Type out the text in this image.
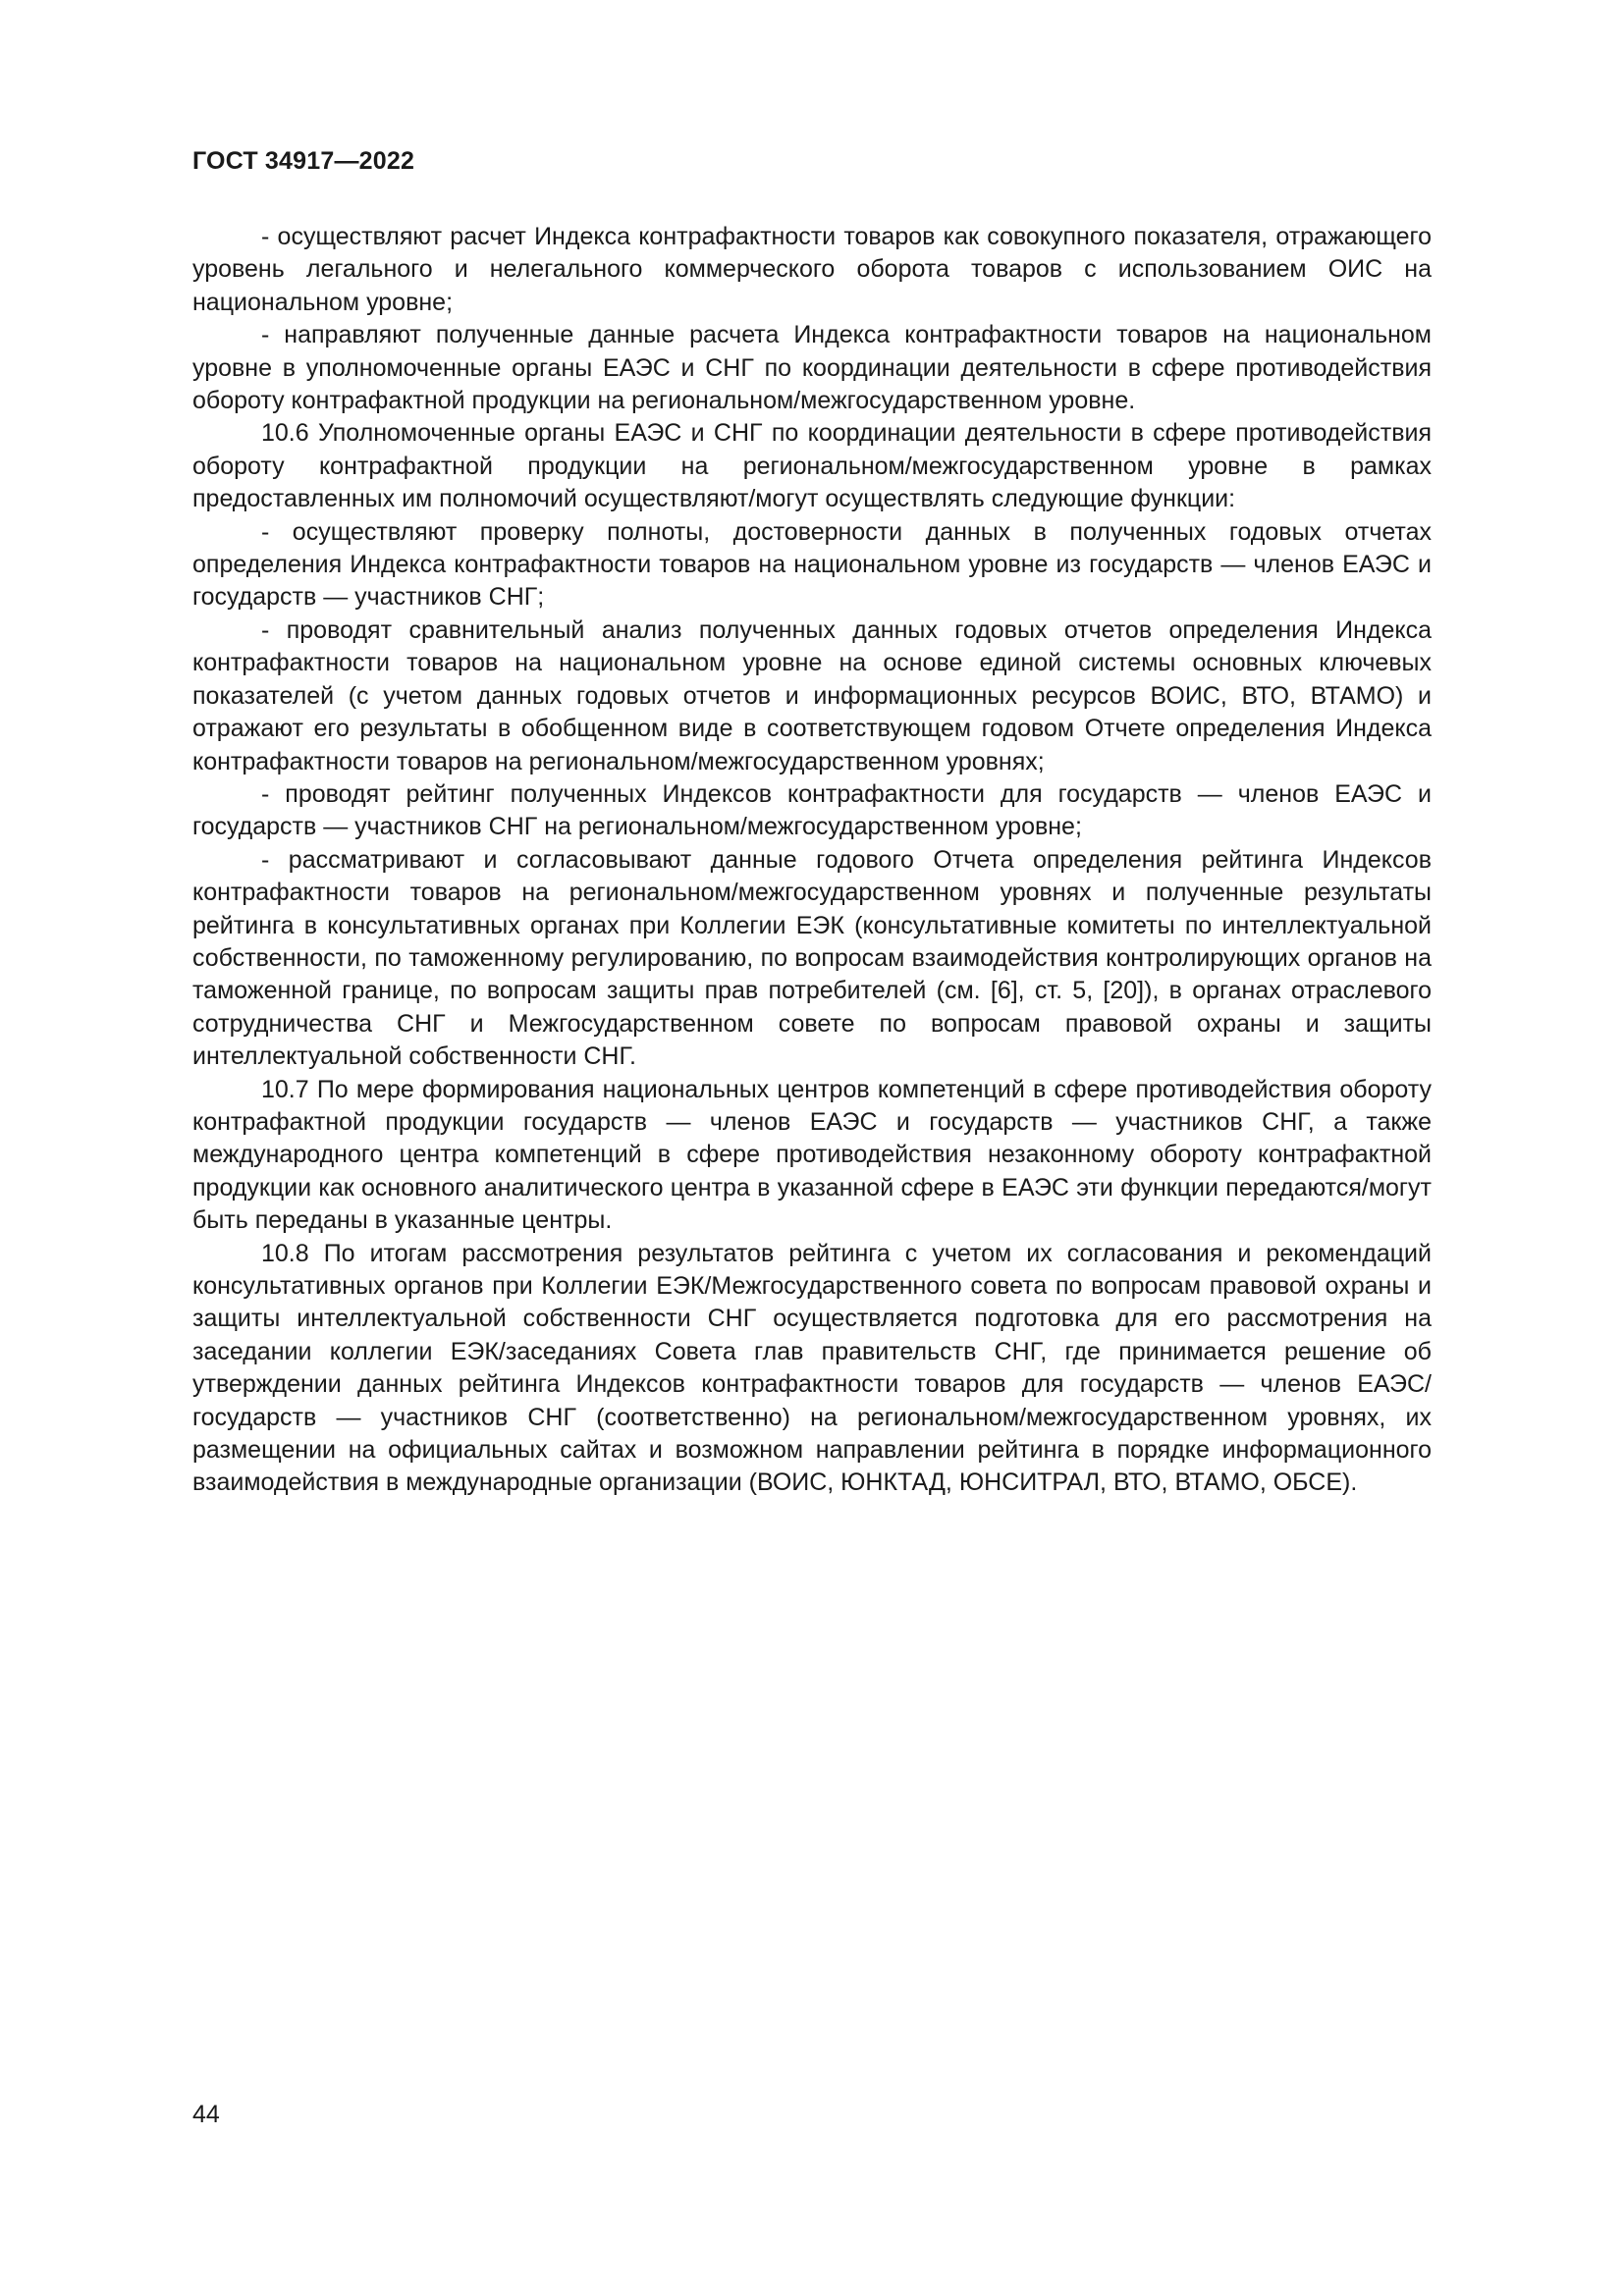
ГОСТ 34917—2022

- осуществляют расчет Индекса контрафактности товаров как совокупного показателя, отражающего уровень легального и нелегального коммерческого оборота товаров с использованием ОИС на национальном уровне;

- направляют полученные данные расчета Индекса контрафактности товаров на национальном уровне в уполномоченные органы ЕАЭС и СНГ по координации деятельности в сфере противодействия обороту контрафактной продукции на региональном/межгосударственном уровне.

10.6 Уполномоченные органы ЕАЭС и СНГ по координации деятельности в сфере противодействия обороту контрафактной продукции на региональном/межгосударственном уровне в рамках предоставленных им полномочий осуществляют/могут осуществлять следующие функции:

- осуществляют проверку полноты, достоверности данных в полученных годовых отчетах определения Индекса контрафактности товаров на национальном уровне из государств — членов ЕАЭС и государств — участников СНГ;

- проводят сравнительный анализ полученных данных годовых отчетов определения Индекса контрафактности товаров на национальном уровне на основе единой системы основных ключевых показателей (с учетом данных годовых отчетов и информационных ресурсов ВОИС, ВТО, ВТАМО) и отражают его результаты в обобщенном виде в соответствующем годовом Отчете определения Индекса контрафактности товаров на региональном/межгосударственном уровнях;

- проводят рейтинг полученных Индексов контрафактности для государств — членов ЕАЭС и государств — участников СНГ на региональном/межгосударственном уровне;

- рассматривают и согласовывают данные годового Отчета определения рейтинга Индексов контрафактности товаров на региональном/межгосударственном уровнях и полученные результаты рейтинга в консультативных органах при Коллегии ЕЭК (консультативные комитеты по интеллектуальной собственности, по таможенному регулированию, по вопросам взаимодействия контролирующих органов на таможенной границе, по вопросам защиты прав потребителей (см. [6], ст. 5, [20]), в органах отраслевого сотрудничества СНГ и Межгосударственном совете по вопросам правовой охраны и защиты интеллектуальной собственности СНГ.

10.7 По мере формирования национальных центров компетенций в сфере противодействия обороту контрафактной продукции государств — членов ЕАЭС и государств — участников СНГ, а также международного центра компетенций в сфере противодействия незаконному обороту контрафактной продукции как основного аналитического центра в указанной сфере в ЕАЭС эти функции передаются/могут быть переданы в указанные центры.

10.8 По итогам рассмотрения результатов рейтинга с учетом их согласования и рекомендаций консультативных органов при Коллегии ЕЭК/Межгосударственного совета по вопросам правовой охраны и защиты интеллектуальной собственности СНГ осуществляется подготовка для его рассмотрения на заседании коллегии ЕЭК/заседаниях Совета глав правительств СНГ, где принимается решение об утверждении данных рейтинга Индексов контрафактности товаров для государств — членов ЕАЭС/государств — участников СНГ (соответственно) на региональном/межгосударственном уровнях, их размещении на официальных сайтах и возможном направлении рейтинга в порядке информационного взаимодействия в международные организации (ВОИС, ЮНКТАД, ЮНСИТРАЛ, ВТО, ВТАМО, ОБСЕ).

44
